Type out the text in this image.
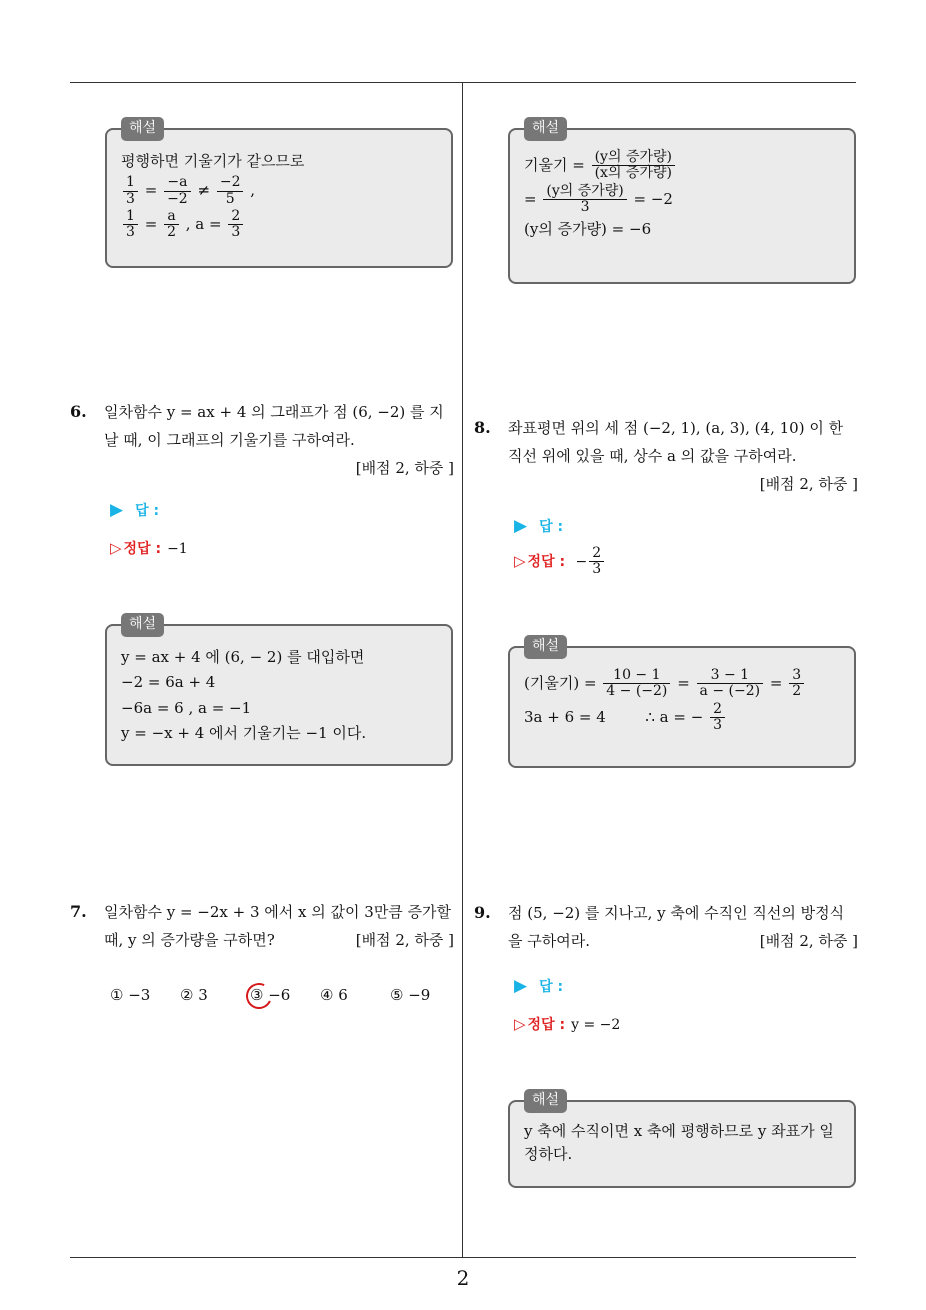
해설
평행하면 기울기가 같으므로
$\frac{1}{3} = \frac{-a}{-2} \ne \frac{-2}{5}$ ,
$\frac{1}{3} = \frac{a}{2}$ , $a = \frac{2}{3}$
6. 일차함수 y = ax + 4 의 그래프가 점 (6, −2) 를 지날 때, 이 그래프의 기울기를 구하여라.
[배점 2, 하중 ]
▶ 답 :
▷ 정답 : −1
해설
y = ax + 4 에 (6, − 2) 를 대입하면
−2 = 6a + 4
−6a = 6 , a = −1
y = −x + 4 에서 기울기는 −1 이다.
7. 일차함수 y = −2x + 3 에서 x 의 값이 3만큼 증가할
때, y 의 증가량을 구하면?	[배점 2, 하중 ]
① −3 ② 3	③ −6 ④ 6	⑤ −9
해설
기울기 = $\frac{\text{(y의 증가량)}}{\text{(x의 증가량)}}$
= $\frac{\text{(y의 증가량)}}{3} = -2$
(y의 증가량) = −6
8. 좌표평면 위의 세 점 (−2, 1), (a, 3), (4, 10) 이 한 직선 위에 있을 때, 상수 a 의 값을 구하여라.
[배점 2, 하중 ]
▶ 답 :
▷ 정답 : − $\frac{2}{3}$
해설
(기울기) = $\frac{10 - 1}{4 - (-2)} = \frac{3 - 1}{a - (-2)} = \frac{3}{2}$
3a + 6 = 4	∴ a = − $\frac{2}{3}$
9. 점 (5, −2) 를 지나고, y 축에 수직인 직선의 방정식을 구하여라.	[배점 2, 하중 ]
▶ 답 :
▷ 정답 : y = −2
해설
y 축에 수직이면 x 축에 평행하므로 y 좌표가 일정하다.
2
